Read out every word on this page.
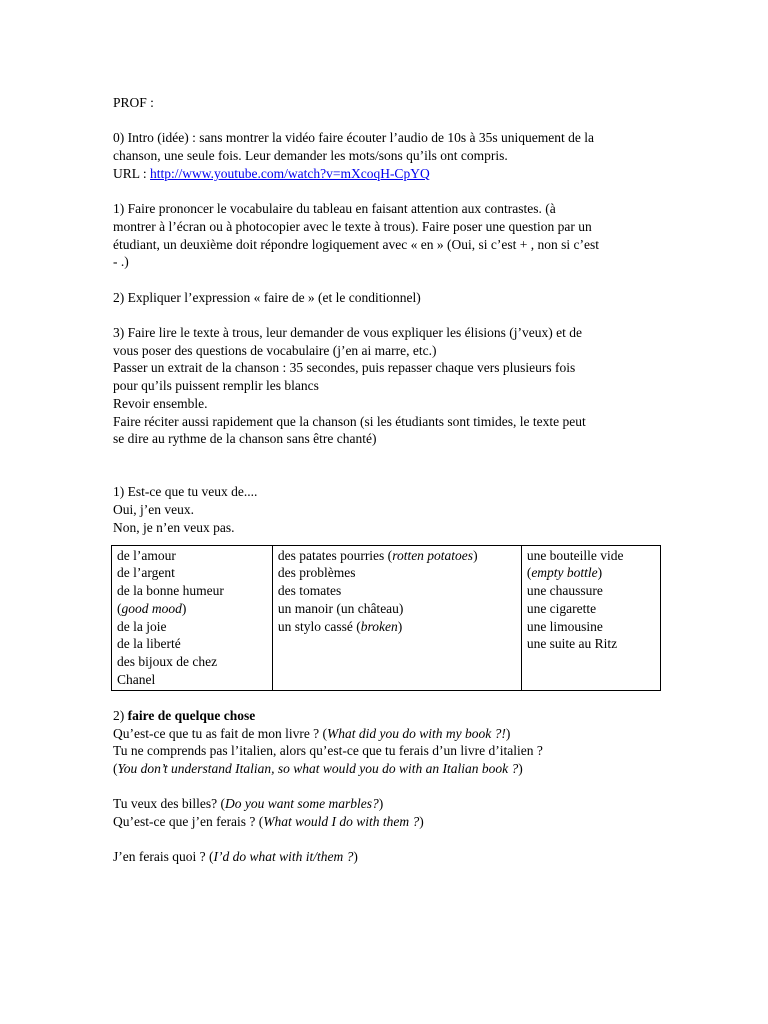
PROF :

0) Intro (idée) : sans montrer la vidéo faire écouter l’audio de 10s à 35s uniquement de la
chanson, une seule fois. Leur demander les mots/sons qu’ils ont compris.
URL : http://www.youtube.com/watch?v=mXcoqH-CpYQ

1) Faire prononcer le vocabulaire du tableau en faisant attention aux contrastes. (à
montrer à l’écran ou à photocopier avec le texte à trous). Faire poser une question par un
étudiant, un deuxième doit répondre logiquement avec « en » (Oui, si c’est + , non si c’est
- .)

2) Expliquer l’expression « faire de » (et le conditionnel)

3) Faire lire le texte à trous, leur demander de vous expliquer les élisions (j’veux) et de
vous poser des questions de vocabulaire (j’en ai marre, etc.)
Passer un extrait de la chanson : 35 secondes, puis repasser chaque vers plusieurs fois
pour qu’ils puissent remplir les blancs
Revoir ensemble.
Faire réciter aussi rapidement que la chanson (si les étudiants sont timides, le texte peut
se dire au rythme de la chanson sans être chanté)

1) Est-ce que tu veux de....
Oui, j’en veux.
Non, je n’en veux pas.

de l’amour
de l’argent
de la bonne humeur
(good mood)
de la joie
de la liberté
des bijoux de chez
Chanel

des patates pourries (rotten potatoes)
des problèmes
des tomates
un manoir (un château)
un stylo cassé (broken)

une bouteille vide
(empty bottle)
une chaussure
une cigarette
une limousine
une suite au Ritz

2) faire de quelque chose
Qu’est-ce que tu as fait de mon livre ? (What did you do with my book ?!)
Tu ne comprends pas l’italien, alors qu’est-ce que tu ferais d’un livre d’italien ?
(You don’t understand Italian, so what would you do with an Italian book ?)

Tu veux des billes? (Do you want some marbles?)
Qu’est-ce que j’en ferais ? (What would I do with them ?)

J’en ferais quoi ? (I’d do what with it/them ?)
